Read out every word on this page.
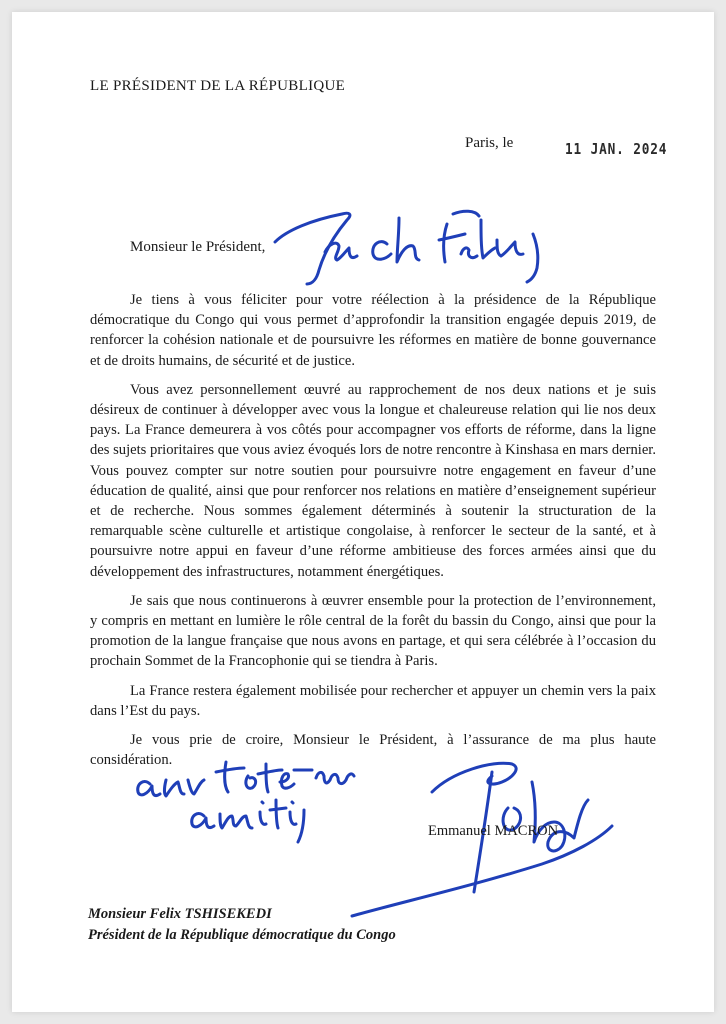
LE PRÉSIDENT DE LA RÉPUBLIQUE
Paris, le	11 JAN. 2024
Monsieur le Président,

Je tiens à vous féliciter pour votre réélection à la présidence de la République démocratique du Congo qui vous permet d’approfondir la transition engagée depuis 2019, de renforcer la cohésion nationale et de poursuivre les réformes en matière de bonne gouvernance et de droits humains, de sécurité et de justice.

Vous avez personnellement œuvré au rapprochement de nos deux nations et je suis désireux de continuer à développer avec vous la longue et chaleureuse relation qui lie nos deux pays. La France demeurera à vos côtés pour accompagner vos efforts de réforme, dans la ligne des sujets prioritaires que vous aviez évoqués lors de notre rencontre à Kinshasa en mars dernier. Vous pouvez compter sur notre soutien pour poursuivre notre engagement en faveur d’une éducation de qualité, ainsi que pour renforcer nos relations en matière d’enseignement supérieur et de recherche. Nous sommes également déterminés à soutenir la structuration de la remarquable scène culturelle et artistique congolaise, à renforcer le secteur de la santé, et à poursuivre notre appui en faveur d’une réforme ambitieuse des forces armées ainsi que du développement des infrastructures, notamment énergétiques.

Je sais que nous continuerons à œuvrer ensemble pour la protection de l’environnement, y compris en mettant en lumière le rôle central de la forêt du bassin du Congo, ainsi que pour la promotion de la langue française que nous avons en partage, et qui sera célébrée à l’occasion du prochain Sommet de la Francophonie qui se tiendra à Paris.

La France restera également mobilisée pour rechercher et appuyer un chemin vers la paix dans l’Est du pays.

Je vous prie de croire, Monsieur le Président, à l’assurance de ma plus haute considération.

Emmanuel MACRON
Monsieur Felix TSHISEKEDI
Président de la République démocratique du Congo
